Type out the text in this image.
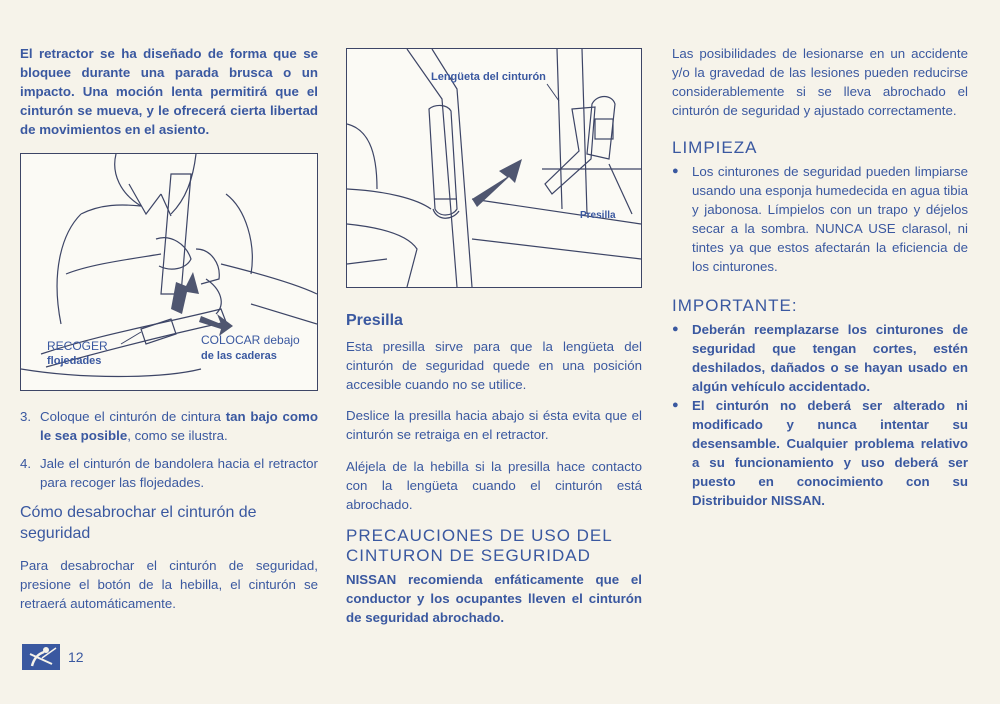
El retractor se ha diseñado de forma que se bloquee durante una parada brusca o un impacto. Una moción lenta permitirá que el cinturón se mueva, y le ofrecerá cierta libertad de movimientos en el asiento.

RECOGER
flojedades
COLOCAR debajo
de las caderas

3. Coloque el cinturón de cintura tan bajo como le sea posible, como se ilustra.

4. Jale el cinturón de bandolera hacia el retractor para recoger las flojedades.

Cómo desabrochar el cinturón de seguridad

Para desabrochar el cinturón de seguridad, presione el botón de la hebilla, el cinturón se retraerá automáticamente.

Lengüeta del cinturón
Presilla
Presilla

Esta presilla sirve para que la lengüeta del cinturón de seguridad quede en una posición accesible cuando no se utilice.

Deslice la presilla hacia abajo si ésta evita que el cinturón se retraiga en el retractor.

Aléjela de la hebilla si la presilla hace contacto con la lengüeta cuando el cinturón está abrochado.

PRECAUCIONES DE USO DEL CINTURON DE SEGURIDAD

NISSAN recomienda enfáticamente que el conductor y los ocupantes lleven el cinturón de seguridad abrochado.

Las posibilidades de lesionarse en un accidente y/o la gravedad de las lesiones pueden reducirse considerablemente si se lleva abrochado el cinturón de seguridad y ajustado correctamente.

LIMPIEZA
● Los cinturones de seguridad pueden limpiarse usando una esponja humedecida en agua tibia y jabonosa. Límpielos con un trapo y déjelos secar a la sombra. NUNCA USE clarasol, ni tintes ya que estos afectarán la eficiencia de los cinturones.
IMPORTANTE:
● Deberán reemplazarse los cinturones de seguridad que tengan cortes, estén deshilados, dañados o se hayan usado en algún vehículo accidentado.
● El cinturón no deberá ser alterado ni modificado y nunca intentar su desensamble. Cualquier problema relativo a su funcionamiento y uso deberá ser puesto en conocimiento con su Distribuidor NISSAN.
12
